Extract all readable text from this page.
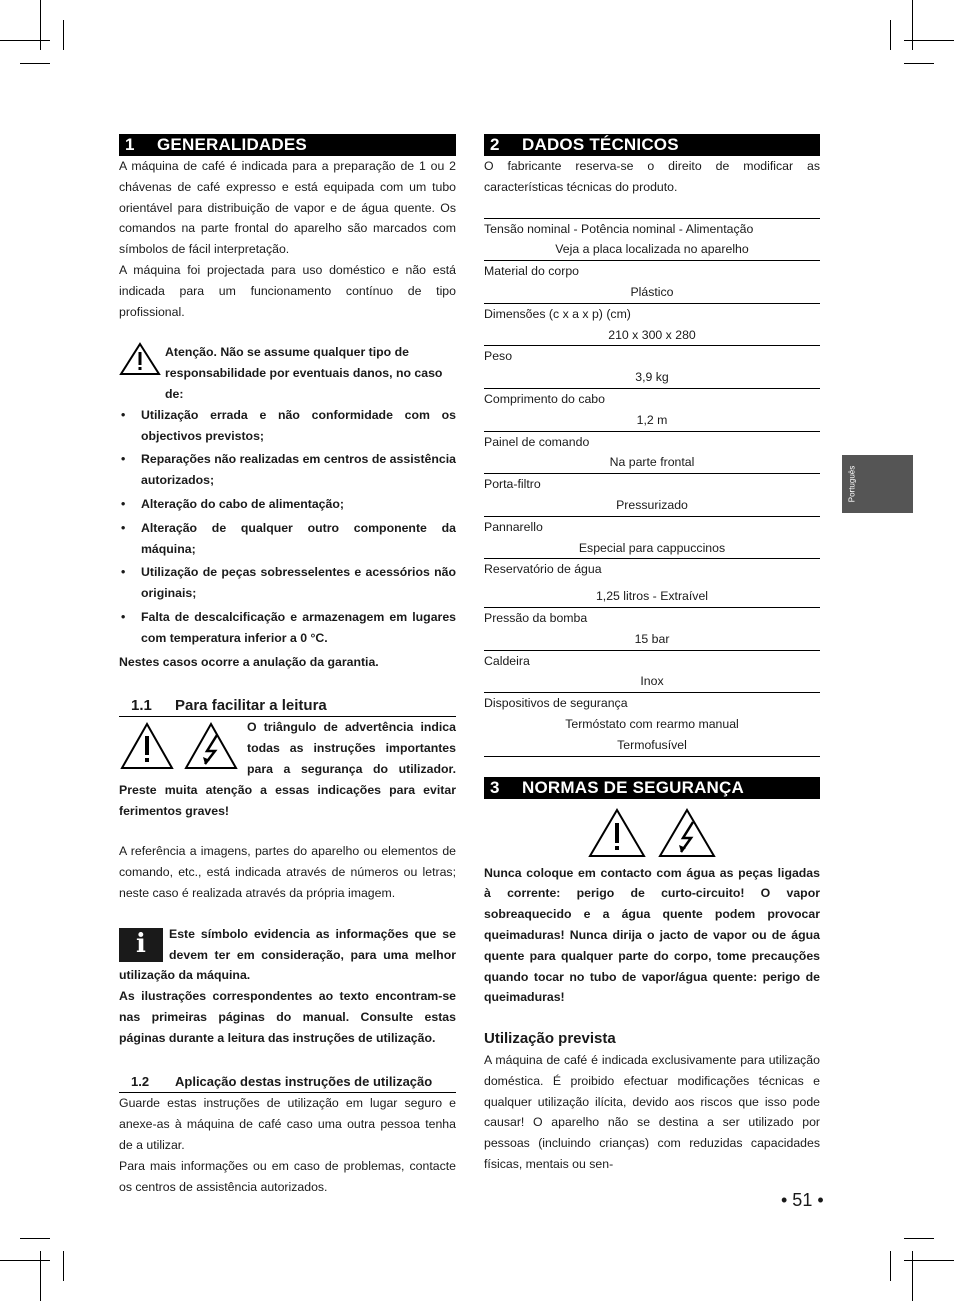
1 GENERALIDADES

A máquina de café é indicada para a preparação de 1 ou 2 chávenas de café expresso e está equipada com um tubo orientável para distribuição de vapor e de água quente. Os comandos na parte frontal do aparelho são marcados com símbolos de fácil interpretação.

A máquina foi projectada para uso doméstico e não está indicada para um funcionamento contínuo de tipo profissional.

Atenção. Não se assume qualquer tipo de responsabilidade por eventuais danos, no caso de:
• Utilização errada e não conformidade com os objectivos previstos;
• Reparações não realizadas em centros de assistência autorizados;
• Alteração do cabo de alimentação;
• Alteração de qualquer outro componente da máquina;
• Utilização de peças sobresselentes e acessórios não originais;
• Falta de descalcificação e armazenagem em lugares com temperatura inferior a 0 °C.

Nestes casos ocorre a anulação da garantia.

1.1 Para facilitar a leitura

O triângulo de advertência indica todas as instruções importantes para a segurança do utilizador. Preste muita atenção a essas indicações para evitar ferimentos graves!

A referência a imagens, partes do aparelho ou elementos de comando, etc., está indicada através de números ou letras; neste caso é realizada através da própria imagem.

i	Este símbolo evidencia as informações que se devem ter em consideração, para uma melhor utilização da máquina.

As ilustrações correspondentes ao texto encontram-se nas primeiras páginas do manual. Consulte estas páginas durante a leitura das instruções de utilização.

1.2 Aplicação destas instruções de utilização

Guarde estas instruções de utilização em lugar seguro e anexe-as à máquina de café caso uma outra pessoa tenha de a utilizar.

Para mais informações ou em caso de problemas, contacte os centros de assistência autorizados.

2 DADOS TÉCNICOS

O fabricante reserva-se o direito de modificar as características técnicas do produto.

Tensão nominal - Potência nominal - Alimentação
Veja a placa localizada no aparelho
Material do corpo
Plástico
Dimensões (c x a x p) (cm)
210 x 300 x 280
Peso
3,9 kg
Comprimento do cabo
1,2 m
Painel de comando
Na parte frontal
Porta-filtro
Pressurizado
Pannarello
Especial para cappuccinos
Reservatório de água
1,25 litros - Extraível
Pressão da bomba
15 bar
Caldeira
Inox
Dispositivos de segurança
Termóstato com rearmo manual
Termofusível
3 NORMAS DE SEGURANÇA

Nunca coloque em contacto com água as peças ligadas à corrente: perigo de curto-circuito! O vapor sobreaquecido e a água quente podem provocar queimaduras! Nunca dirija o jacto de vapor ou de água quente para qualquer parte do corpo, tome precauções quando tocar no tubo de vapor/água quente: perigo de queimaduras!

Utilização prevista

A máquina de café é indicada exclusivamente para utilização doméstica. É proibido efectuar modificações técnicas e qualquer utilização ilícita, devido aos riscos que isso pode causar! O aparelho não se destina a ser utilizado por pessoas (incluindo crianças) com reduzidas capacidades físicas, mentais ou sen-

Português
• 51 •
